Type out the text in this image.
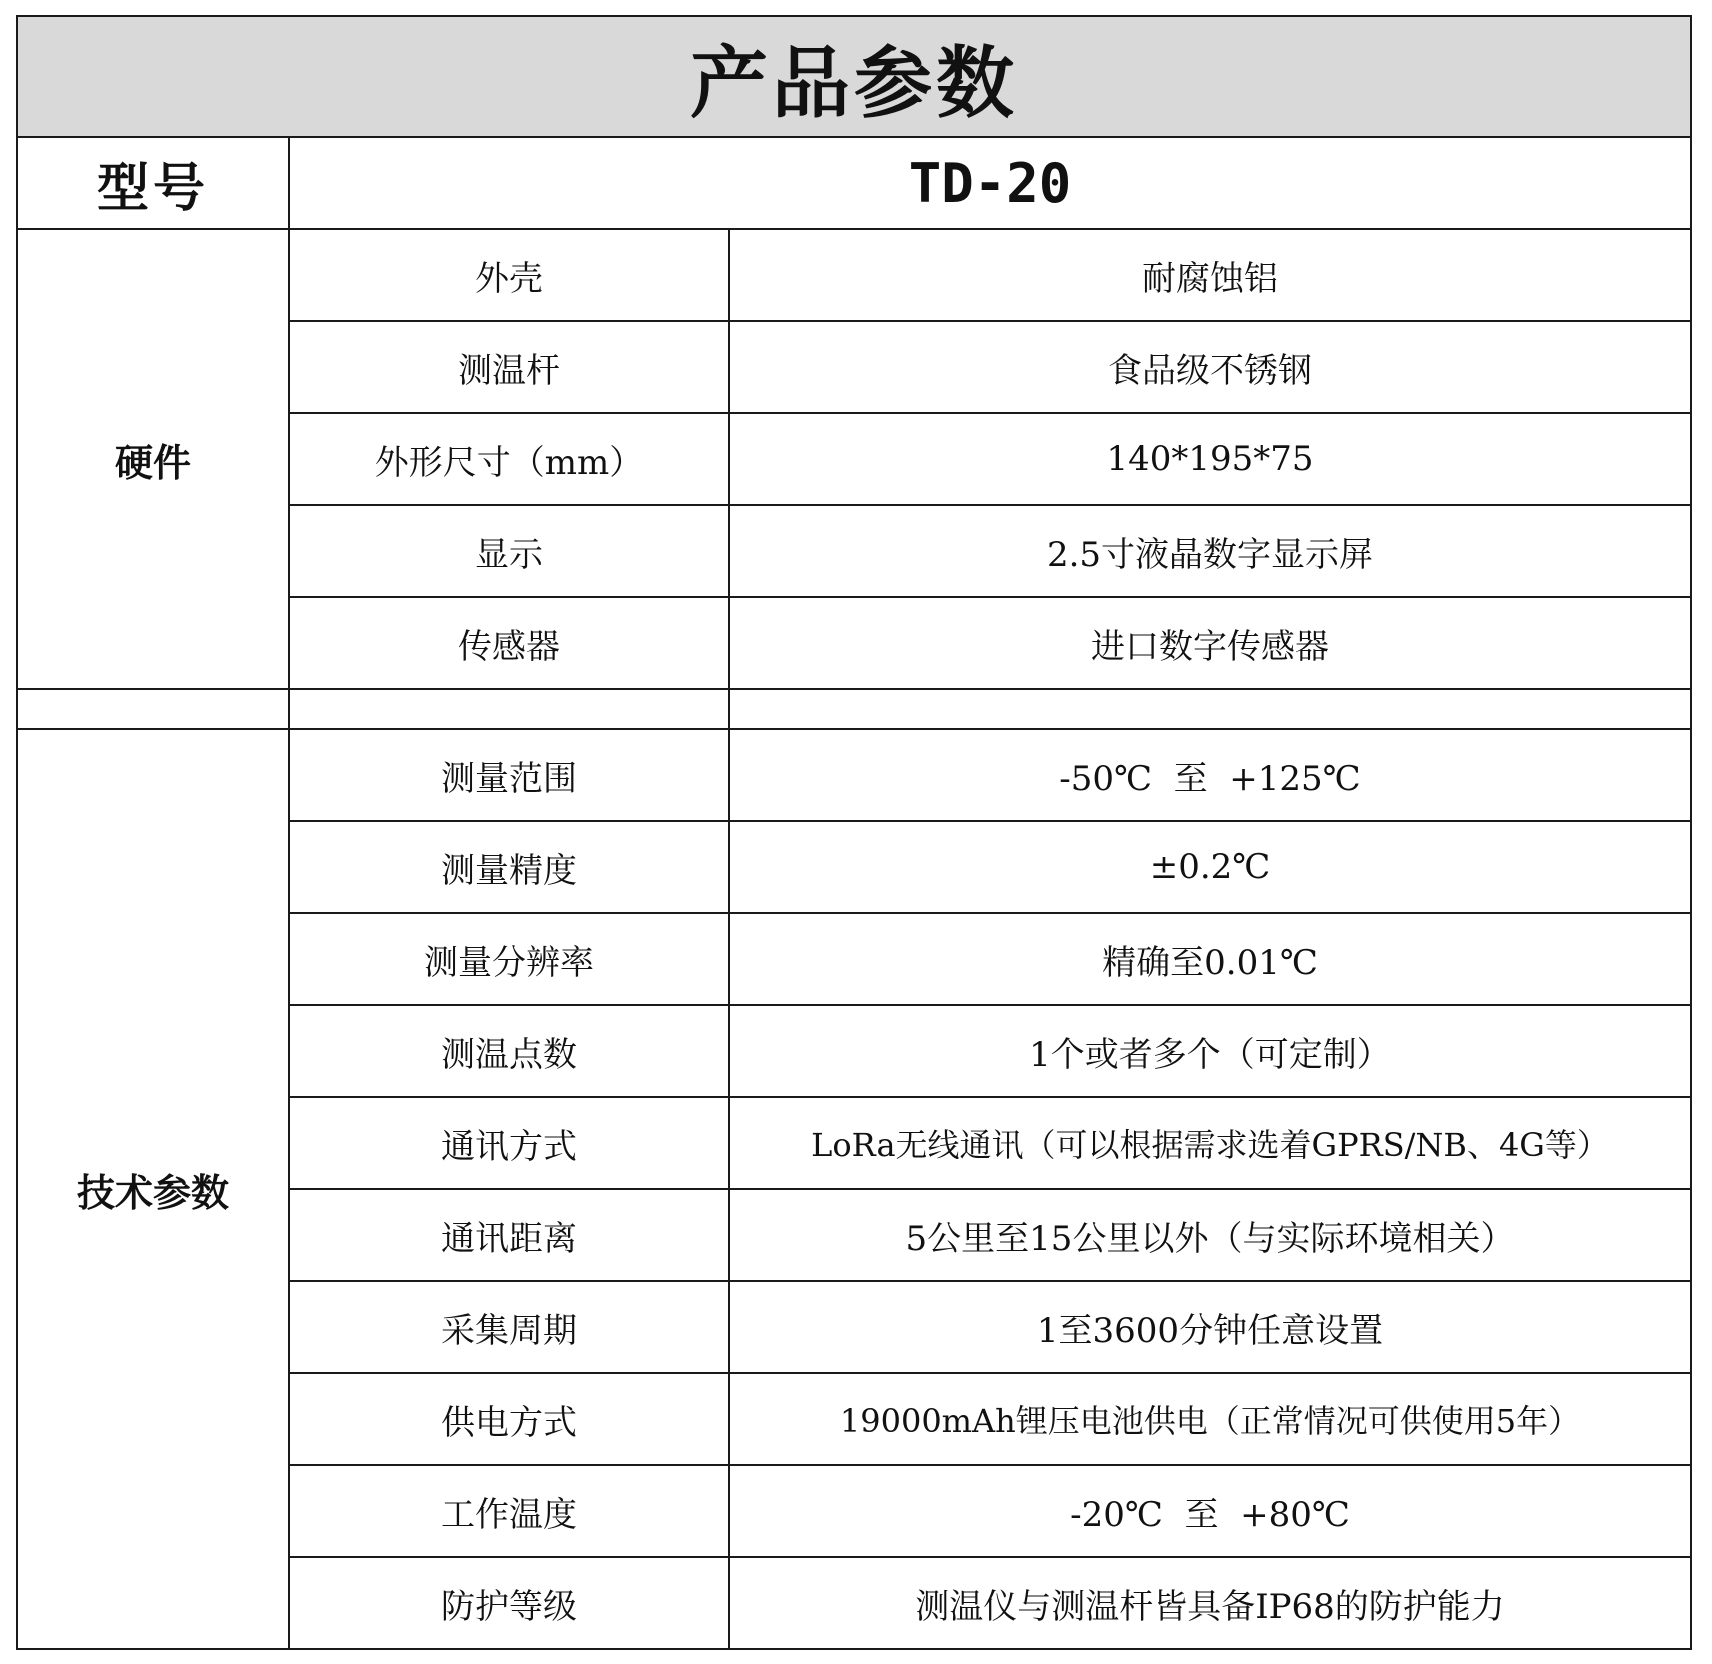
产品参数		
型号	TD-20	
硬件	外壳	耐腐蚀铝
	测温杆	食品级不锈钢
	外形尺寸（mm）	140*195*75
	显示	2.5寸液晶数字显示屏
	传感器	进口数字传感器

技术参数	测量范围	-50℃  至  +125℃
	测量精度	±0.2℃
	测量分辨率	精确至0.01℃
	测温点数	1个或者多个（可定制）
	通讯方式	LoRa无线通讯（可以根据需求选着GPRS/NB、4G等）
	通讯距离	5公里至15公里以外（与实际环境相关）
	采集周期	1至3600分钟任意设置
	供电方式	19000mAh锂压电池供电（正常情况可供使用5年）
	工作温度	-20℃  至  +80℃
	防护等级	测温仪与测温杆皆具备IP68的防护能力
